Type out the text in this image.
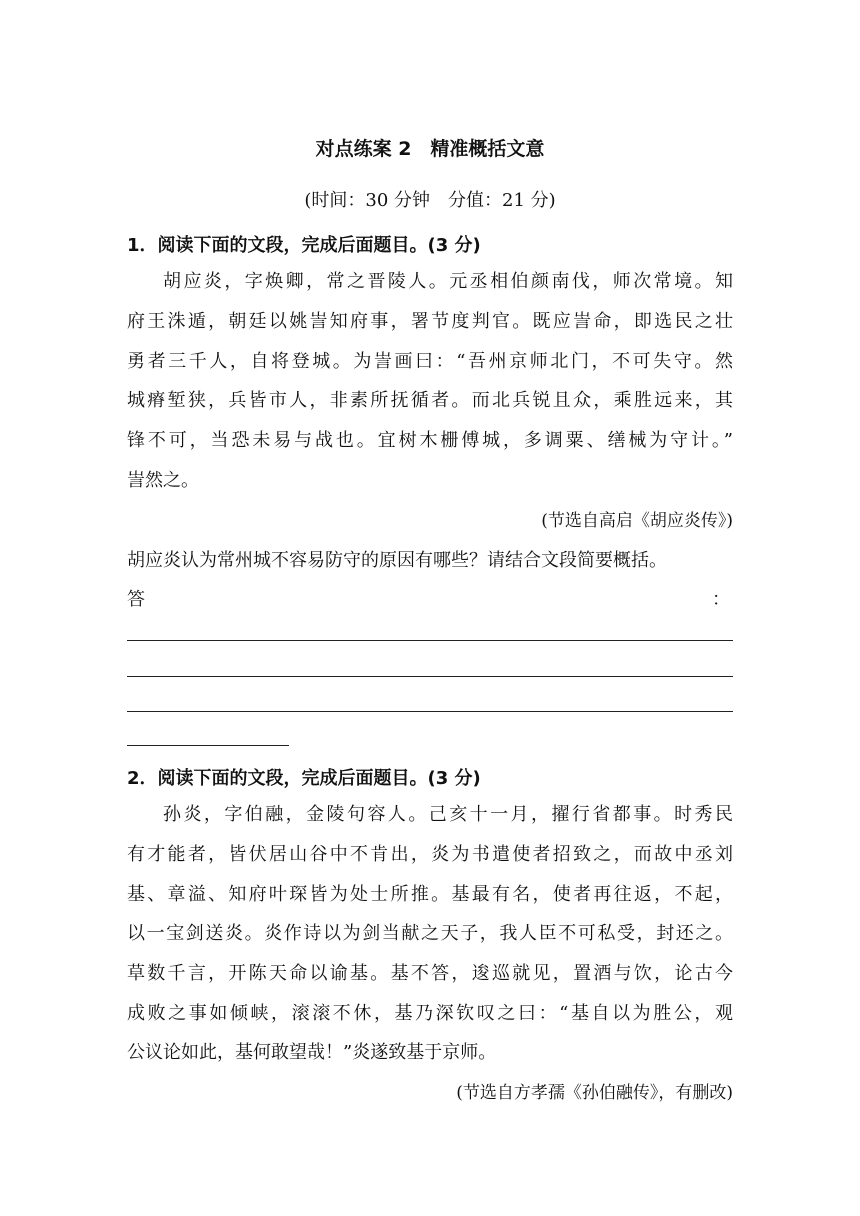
对点练案 2　精准概括文意
(时间：30 分钟　分值：21 分)
1．阅读下面的文段，完成后面题目。(3 分)
胡应炎，字焕卿，常之晋陵人。元丞相伯颜南伐，师次常境。知
府王洙遁，朝廷以姚訔知府事，署节度判官。既应訔命，即选民之壮
勇者三千人，自将登城。为訔画曰：“吾州京师北门，不可失守。然
城瘠堑狭，兵皆市人，非素所抚循者。而北兵锐且众，乘胜远来，其
锋不可，当恐未易与战也。宜树木栅傅城，多调粟、缮械为守计。”
訔然之。
(节选自高启《胡应炎传》)
胡应炎认为常州城不容易防守的原因有哪些？请结合文段简要概括。
答	：
2．阅读下面的文段，完成后面题目。(3 分)
孙炎，字伯融，金陵句容人。己亥十一月，擢行省都事。时秀民
有才能者，皆伏居山谷中不肯出，炎为书遣使者招致之，而故中丞刘
基、章溢、知府叶琛皆为处士所推。基最有名，使者再往返，不起，
以一宝剑送炎。炎作诗以为剑当献之天子，我人臣不可私受，封还之。
草数千言，开陈天命以谕基。基不答，逡巡就见，置酒与饮，论古今
成败之事如倾峡，滚滚不休，基乃深钦叹之曰：“基自以为胜公，观
公议论如此，基何敢望哉！”炎遂致基于京师。
(节选自方孝孺《孙伯融传》，有删改)
